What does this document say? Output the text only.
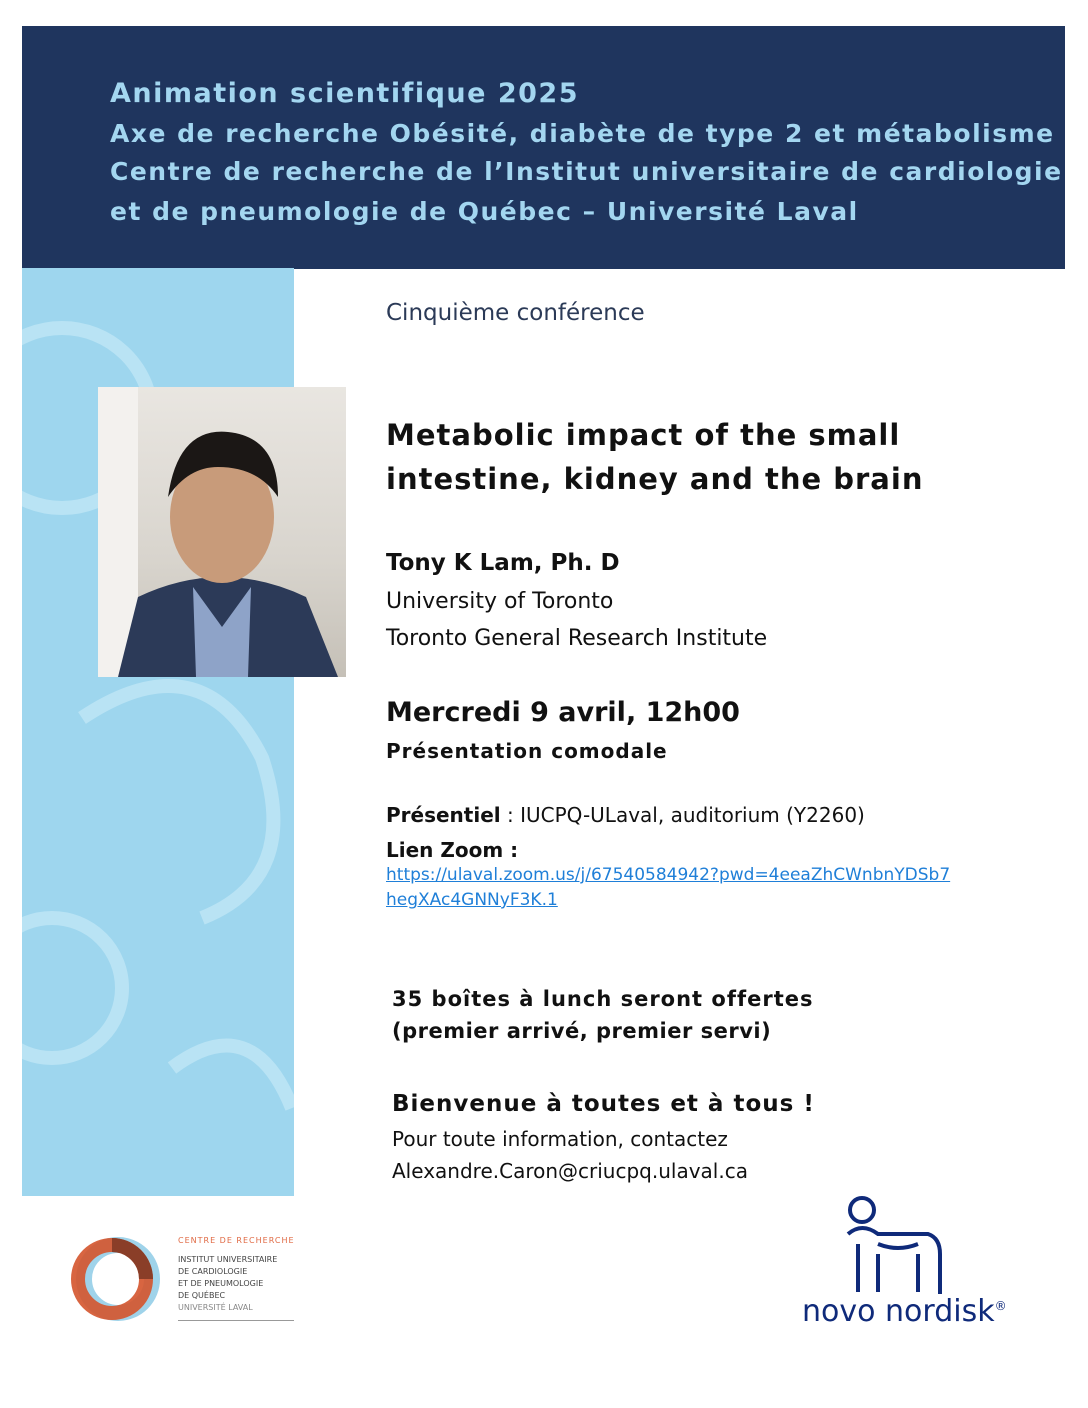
Animation scientifique 2025
Axe de recherche Obésité, diabète de type 2 et métabolisme
Centre de recherche de l’Institut universitaire de cardiologie
et de pneumologie de Québec – Université Laval
Cinquième conférence
Metabolic impact of the small
intestine, kidney and the brain
Tony K Lam, Ph. D
University of Toronto
Toronto General Research Institute
Mercredi 9 avril, 12h00
Présentation comodale
Présentiel : IUCPQ-ULaval, auditorium (Y2260)
Lien Zoom :
https://ulaval.zoom.us/j/67540584942?pwd=4eeaZhCWnbnYDSb7
hegXAc4GNNyF3K.1
35 boîtes à lunch seront offertes
(premier arrivé, premier servi)
Bienvenue à toutes et à tous !
Pour toute information, contactez
Alexandre.Caron@criucpq.ulaval.ca
CENTRE DE RECHERCHE
INSTITUT UNIVERSITAIRE
DE CARDIOLOGIE
ET DE PNEUMOLOGIE
DE QUÉBEC
UNIVERSITÉ LAVAL	novo nordisk®
